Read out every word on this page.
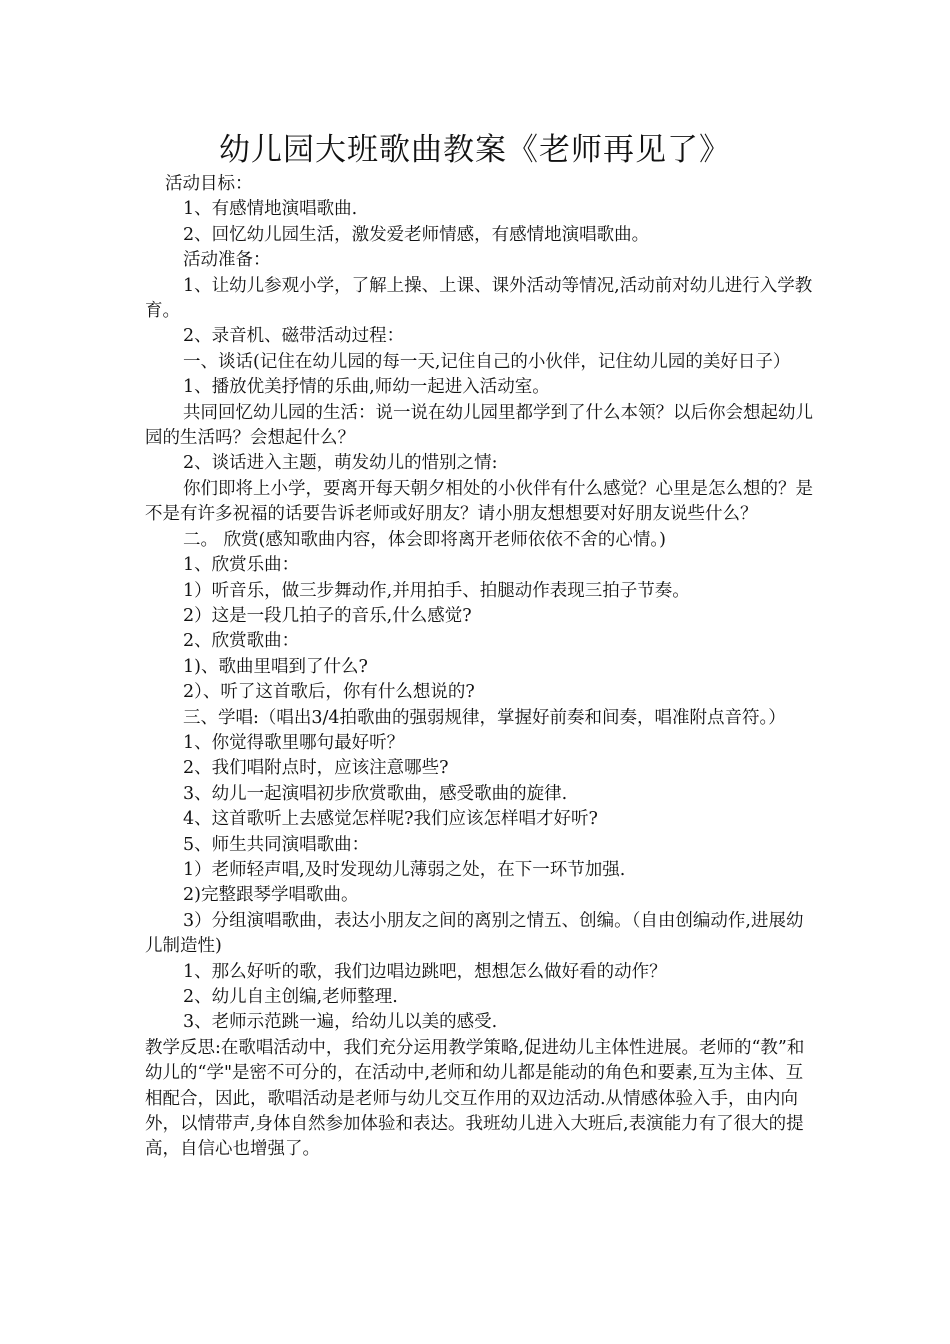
幼儿园大班歌曲教案《老师再见了》

活动目标：

1、有感情地演唱歌曲.

2、回忆幼儿园生活，激发爱老师情感，有感情地演唱歌曲。

活动准备：

1、让幼儿参观小学，了解上操、上课、课外活动等情况,活动前对幼儿进行入学教育。

2、录音机、磁带活动过程：

一、谈话(记住在幼儿园的每一天,记住自己的小伙伴，记住幼儿园的美好日子）

1、播放优美抒情的乐曲,师幼一起进入活动室。

共同回忆幼儿园的生活：说一说在幼儿园里都学到了什么本领？以后你会想起幼儿园的生活吗？会想起什么？

2、谈话进入主题，萌发幼儿的惜别之情:

你们即将上小学，要离开每天朝夕相处的小伙伴有什么感觉？心里是怎么想的？是不是有许多祝福的话要告诉老师或好朋友？请小朋友想想要对好朋友说些什么？

二。 欣赏(感知歌曲内容，体会即将离开老师依依不舍的心情。)

1、欣赏乐曲：

1）听音乐，做三步舞动作,并用拍手、拍腿动作表现三拍子节奏。

2）这是一段几拍子的音乐,什么感觉?

2、欣赏歌曲：

1)、歌曲里唱到了什么?

2）、听了这首歌后，你有什么想说的?

三、学唱:（唱出3/4拍歌曲的强弱规律，掌握好前奏和间奏，唱准附点音符。）

1、你觉得歌里哪句最好听？

2、我们唱附点时，应该注意哪些?

3、幼儿一起演唱初步欣赏歌曲，感受歌曲的旋律.

4、这首歌听上去感觉怎样呢?我们应该怎样唱才好听?

5、师生共同演唱歌曲：

1）老师轻声唱,及时发现幼儿薄弱之处，在下一环节加强.

2)完整跟琴学唱歌曲。

3）分组演唱歌曲，表达小朋友之间的离别之情五、创编。（自由创编动作,进展幼儿制造性)

1、那么好听的歌，我们边唱边跳吧，想想怎么做好看的动作？

2、幼儿自主创编,老师整理.

3、老师示范跳一遍，给幼儿以美的感受.

教学反思:在歌唱活动中，我们充分运用教学策略,促进幼儿主体性进展。老师的“教”和幼儿的“学"是密不可分的，在活动中,老师和幼儿都是能动的角色和要素,互为主体、互相配合，因此，歌唱活动是老师与幼儿交互作用的双边活动.从情感体验入手，由内向外，以情带声,身体自然参加体验和表达。我班幼儿进入大班后,表演能力有了很大的提高，自信心也增强了。
